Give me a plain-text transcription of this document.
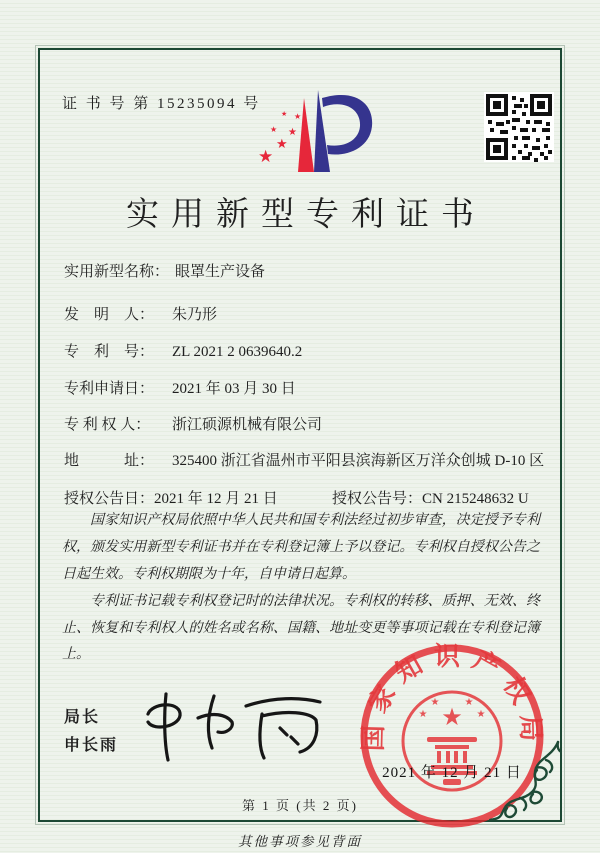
证 书 号 第 15235094 号
★
★
★
★
★
★
实用新型专利证书
实用新型名称： 眼罩生产设备
发　明　人： 朱乃形
专　利　号： ZL 2021 2 0639640.2
专利申请日： 2021 年 03 月 30 日
专 利 权 人： 浙江硕源机械有限公司
地　　　址： 325400 浙江省温州市平阳县滨海新区万洋众创城 D-10 区
授权公告日：2021 年 12 月 21 日	授权公告号：CN 215248632 U

国家知识产权局依照中华人民共和国专利法经过初步审查，决定授予专利权，颁发实用新型专利证书并在专利登记簿上予以登记。专利权自授权公告之日起生效。专利权期限为十年，自申请日起算。

专利证书记载专利权登记时的法律状况。专利权的转移、质押、无效、终止、恢复和专利权人的姓名或名称、国籍、地址变更等事项记载在专利登记簿上。

局长
申长雨	国家知识产权局
★
★
★	★
★
2021 年 12 月 21 日
第 1 页 (共 2 页)
其他事项参见背面
